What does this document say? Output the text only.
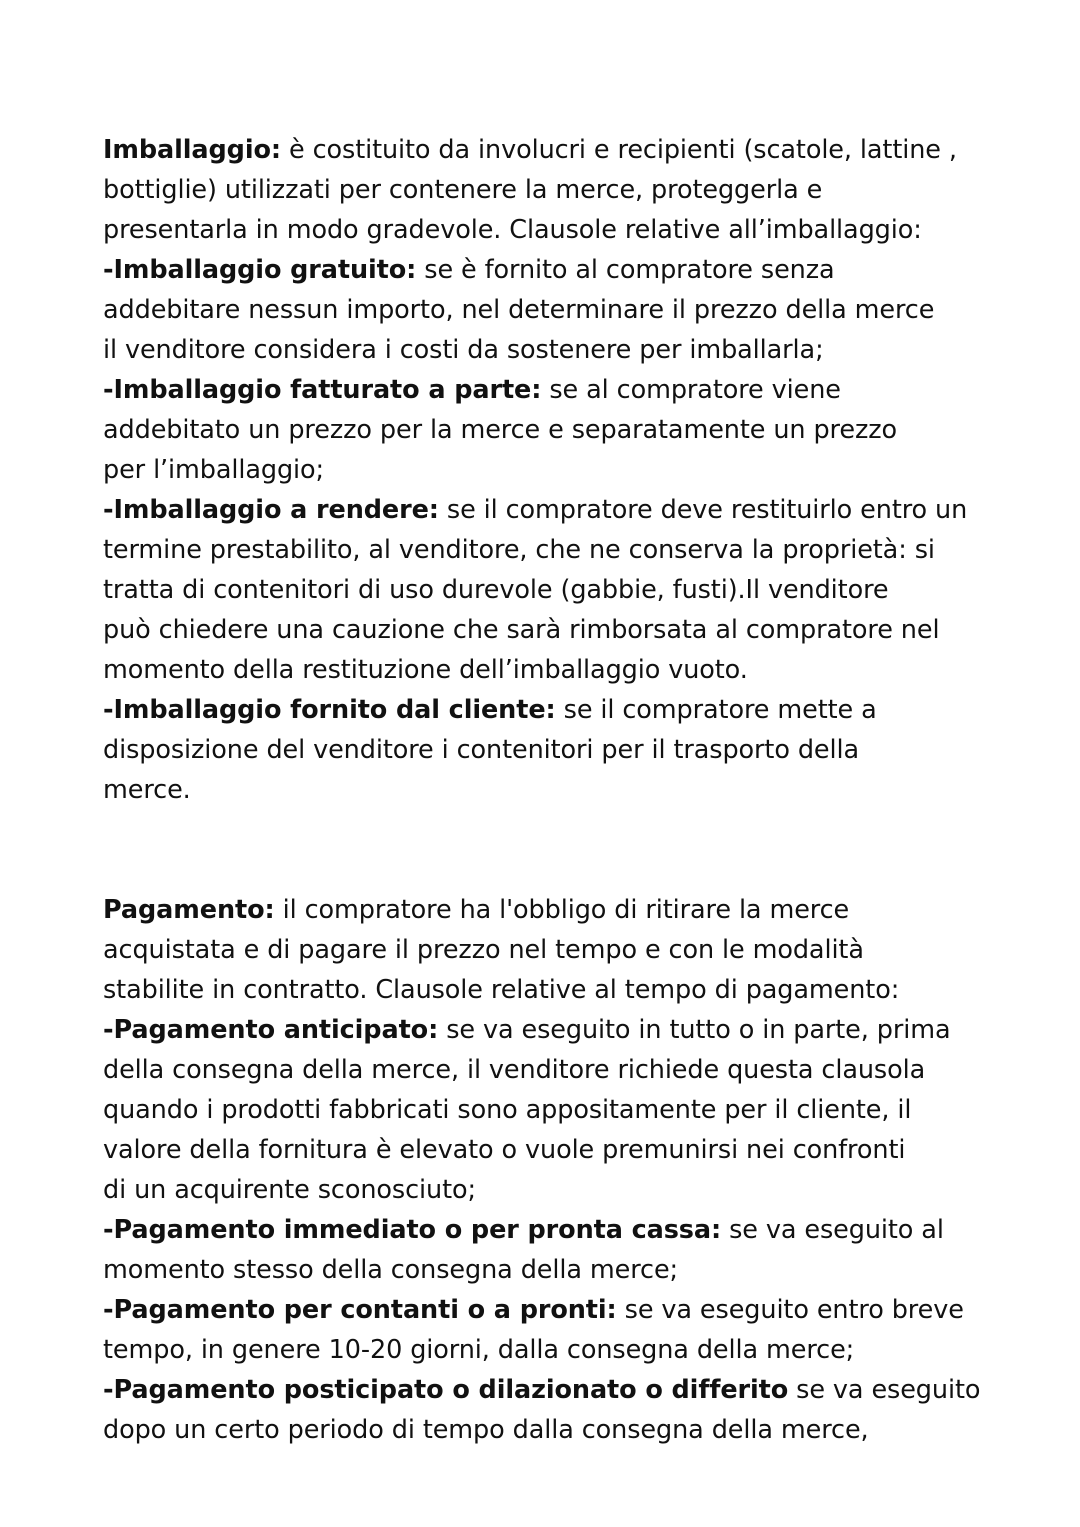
Imballaggio: è costituito da involucri e recipienti (scatole, lattine ,
bottiglie) utilizzati per contenere la merce, proteggerla e
presentarla in modo gradevole. Clausole relative all’imballaggio:
-Imballaggio gratuito: se è fornito al compratore senza
addebitare nessun importo, nel determinare il prezzo della merce
il venditore considera i costi da sostenere per imballarla;
-Imballaggio fatturato a parte: se al compratore viene
addebitato un prezzo per la merce e separatamente un prezzo
per l’imballaggio;
-Imballaggio a rendere: se il compratore deve restituirlo entro un
termine prestabilito, al venditore, che ne conserva la proprietà: si
tratta di contenitori di uso durevole (gabbie, fusti).Il venditore
può chiedere una cauzione che sarà rimborsata al compratore nel
momento della restituzione dell’imballaggio vuoto.
-Imballaggio fornito dal cliente: se il compratore mette a
disposizione del venditore i contenitori per il trasporto della
merce.
Pagamento: il compratore ha l'obbligo di ritirare la merce
acquistata e di pagare il prezzo nel tempo e con le modalità
stabilite in contratto. Clausole relative al tempo di pagamento:
-Pagamento anticipato: se va eseguito in tutto o in parte, prima
della consegna della merce, il venditore richiede questa clausola
quando i prodotti fabbricati sono appositamente per il cliente, il
valore della fornitura è elevato o vuole premunirsi nei confronti
di un acquirente sconosciuto;
-Pagamento immediato o per pronta cassa: se va eseguito al
momento stesso della consegna della merce;
-Pagamento per contanti o a pronti: se va eseguito entro breve
tempo, in genere 10-20 giorni, dalla consegna della merce;
-Pagamento posticipato o dilazionato o differito se va eseguito
dopo un certo periodo di tempo dalla consegna della merce,
